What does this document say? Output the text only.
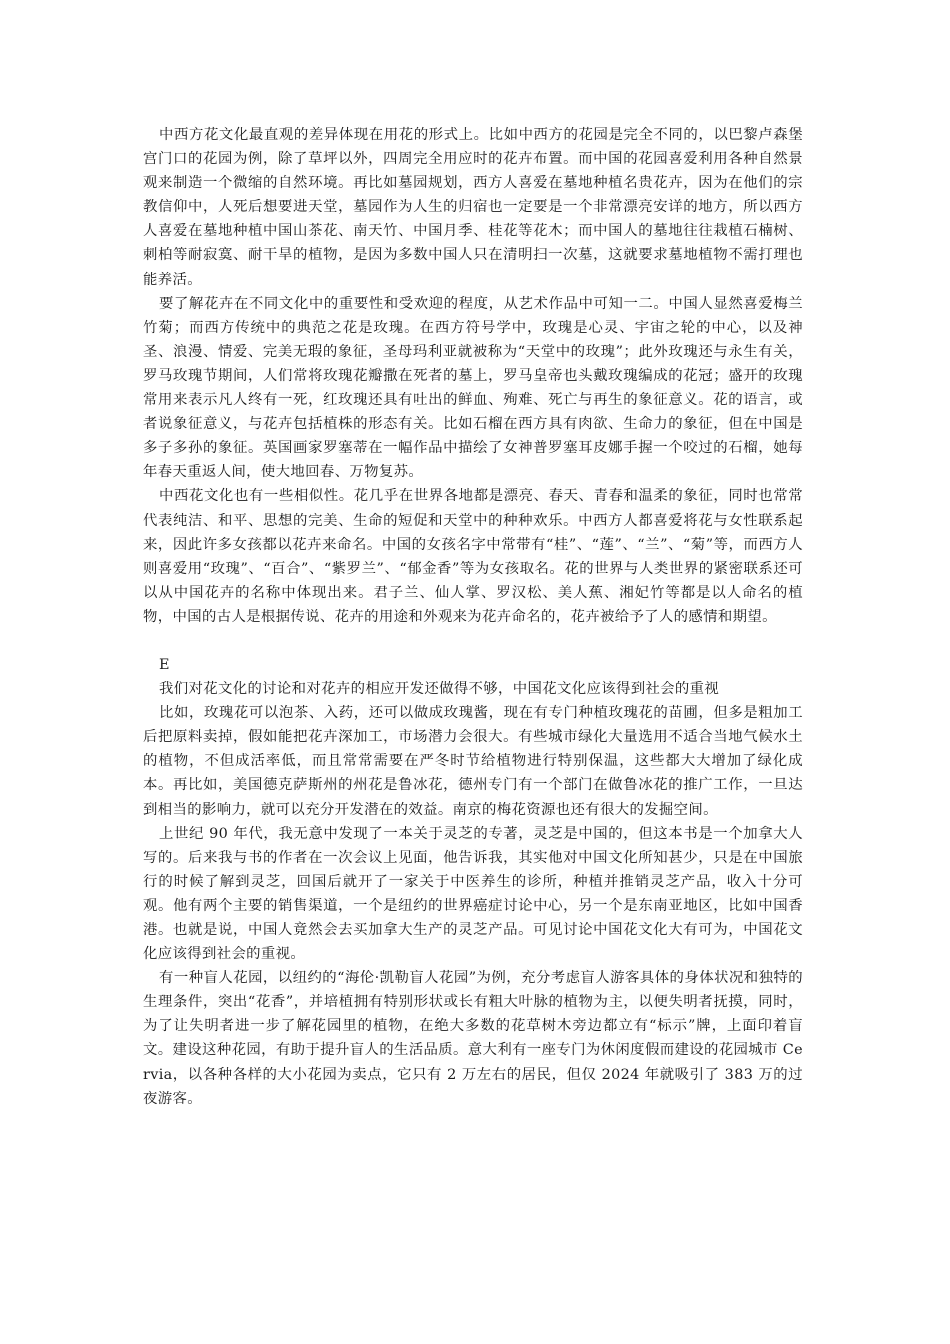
中西方花文化最直观的差异体现在用花的形式上。比如中西方的花园是完全不同的，以巴黎卢森堡宫门口的花园为例，除了草坪以外，四周完全用应时的花卉布置。而中国的花园喜爱利用各种自然景观来制造一个微缩的自然环境。再比如墓园规划，西方人喜爱在墓地种植名贵花卉，因为在他们的宗教信仰中，人死后想要进天堂，墓园作为人生的归宿也一定要是一个非常漂亮安详的地方，所以西方人喜爱在墓地种植中国山茶花、南天竹、中国月季、桂花等花木；而中国人的墓地往往栽植石楠树、刺柏等耐寂寞、耐干旱的植物，是因为多数中国人只在清明扫一次墓，这就要求墓地植物不需打理也能养活。

要了解花卉在不同文化中的重要性和受欢迎的程度，从艺术作品中可知一二。中国人显然喜爱梅兰竹菊；而西方传统中的典范之花是玫瑰。在西方符号学中，玫瑰是心灵、宇宙之轮的中心，以及神圣、浪漫、情爱、完美无瑕的象征，圣母玛利亚就被称为“天堂中的玫瑰”；此外玫瑰还与永生有关，罗马玫瑰节期间，人们常将玫瑰花瓣撒在死者的墓上，罗马皇帝也头戴玫瑰编成的花冠；盛开的玫瑰常用来表示凡人终有一死，红玫瑰还具有吐出的鲜血、殉难、死亡与再生的象征意义。花的语言，或者说象征意义，与花卉包括植株的形态有关。比如石榴在西方具有肉欲、生命力的象征，但在中国是多子多孙的象征。英国画家罗塞蒂在一幅作品中描绘了女神普罗塞耳皮娜手握一个咬过的石榴，她每年春天重返人间，使大地回春、万物复苏。

中西花文化也有一些相似性。花几乎在世界各地都是漂亮、春天、青春和温柔的象征，同时也常常代表纯洁、和平、思想的完美、生命的短促和天堂中的种种欢乐。中西方人都喜爱将花与女性联系起来，因此许多女孩都以花卉来命名。中国的女孩名字中常带有“桂”、“莲”、“兰”、“菊”等，而西方人则喜爱用“玫瑰”、“百合”、“紫罗兰”、“郁金香”等为女孩取名。花的世界与人类世界的紧密联系还可以从中国花卉的名称中体现出来。君子兰、仙人掌、罗汉松、美人蕉、湘妃竹等都是以人命名的植物，中国的古人是根据传说、花卉的用途和外观来为花卉命名的，花卉被给予了人的感情和期望。

E

我们对花文化的讨论和对花卉的相应开发还做得不够，中国花文化应该得到社会的重视

比如，玫瑰花可以泡茶、入药，还可以做成玫瑰酱，现在有专门种植玫瑰花的苗圃，但多是粗加工后把原料卖掉，假如能把花卉深加工，市场潜力会很大。有些城市绿化大量选用不适合当地气候水土的植物，不但成活率低，而且常常需要在严冬时节给植物进行特别保温，这些都大大增加了绿化成本。再比如，美国德克萨斯州的州花是鲁冰花，德州专门有一个部门在做鲁冰花的推广工作，一旦达到相当的影响力，就可以充分开发潜在的效益。南京的梅花资源也还有很大的发掘空间。

上世纪 90 年代，我无意中发现了一本关于灵芝的专著，灵芝是中国的，但这本书是一个加拿大人写的。后来我与书的作者在一次会议上见面，他告诉我，其实他对中国文化所知甚少，只是在中国旅行的时候了解到灵芝，回国后就开了一家关于中医养生的诊所，种植并推销灵芝产品，收入十分可观。他有两个主要的销售渠道，一个是纽约的世界癌症讨论中心，另一个是东南亚地区，比如中国香港。也就是说，中国人竟然会去买加拿大生产的灵芝产品。可见讨论中国花文化大有可为，中国花文化应该得到社会的重视。

有一种盲人花园，以纽约的“海伦·凯勒盲人花园”为例，充分考虑盲人游客具体的身体状况和独特的生理条件，突出“花香”，并培植拥有特别形状或长有粗大叶脉的植物为主，以便失明者抚摸，同时，为了让失明者进一步了解花园里的植物，在绝大多数的花草树木旁边都立有“标示”牌，上面印着盲文。建设这种花园，有助于提升盲人的生活品质。意大利有一座专门为休闲度假而建设的花园城市 Cervia，以各种各样的大小花园为卖点，它只有 2 万左右的居民，但仅 2024 年就吸引了 383 万的过夜游客。
